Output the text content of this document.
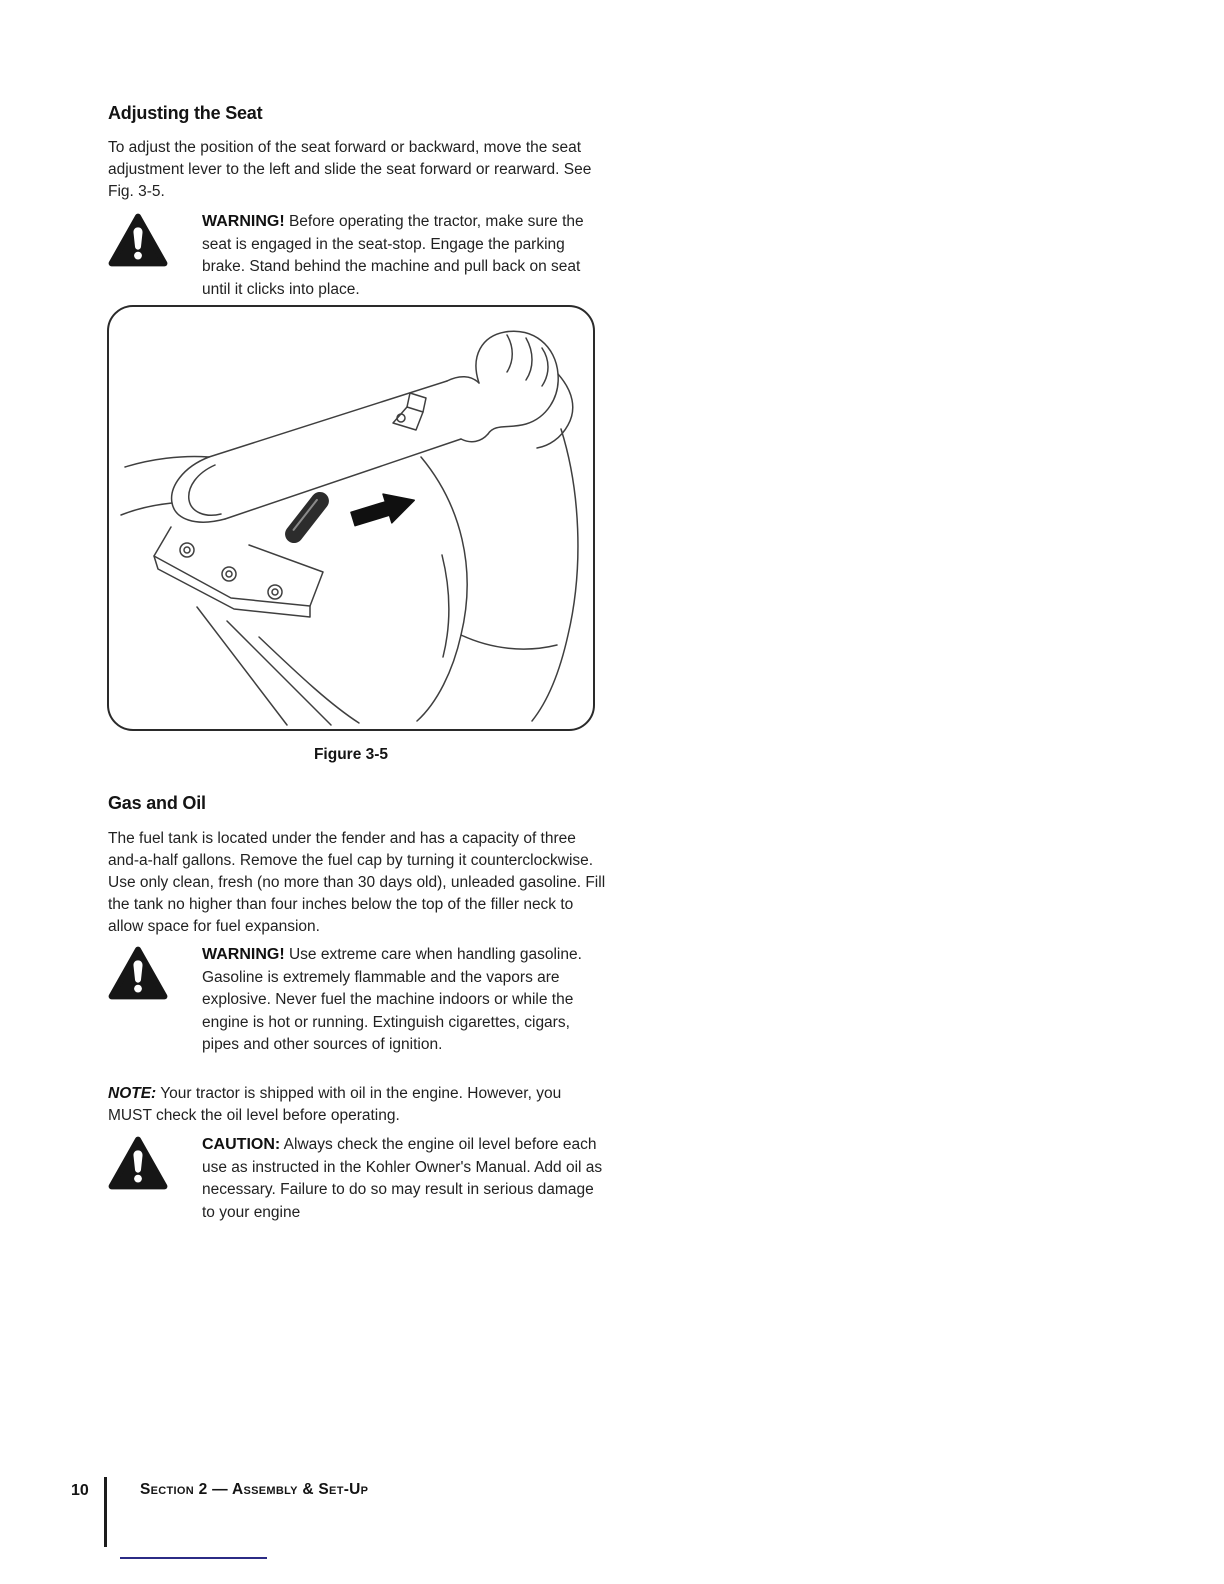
Adjusting the Seat
To adjust the position of the seat forward or backward, move the seat adjustment lever to the left and slide the seat forward or rearward. See Fig. 3-5.
WARNING! Before operating the tractor, make sure the seat is engaged in the seat-stop. Engage the parking brake. Stand behind the machine and pull back on seat until it clicks into place.
Figure 3-5
Gas and Oil
The fuel tank is located under the fender and has a capacity of three and-a-half gallons. Remove the fuel cap by turning it counterclockwise. Use only clean, fresh (no more than 30 days old), unleaded gasoline. Fill the tank no higher than four inches below the top of the filler neck to allow space for fuel expansion.
WARNING! Use extreme care when handling gasoline. Gasoline is extremely flammable and the vapors are explosive. Never fuel the machine indoors or while the engine is hot or running. Extinguish cigarettes, cigars, pipes and other sources of ignition.
NOTE: Your tractor is shipped with oil in the engine. However, you MUST check the oil level before operating.
CAUTION: Always check the engine oil level before each use as instructed in the Kohler Owner's Manual. Add oil as necessary. Failure to do so may result in serious damage to your engine
10	Section 2 — Assembly & Set-Up
